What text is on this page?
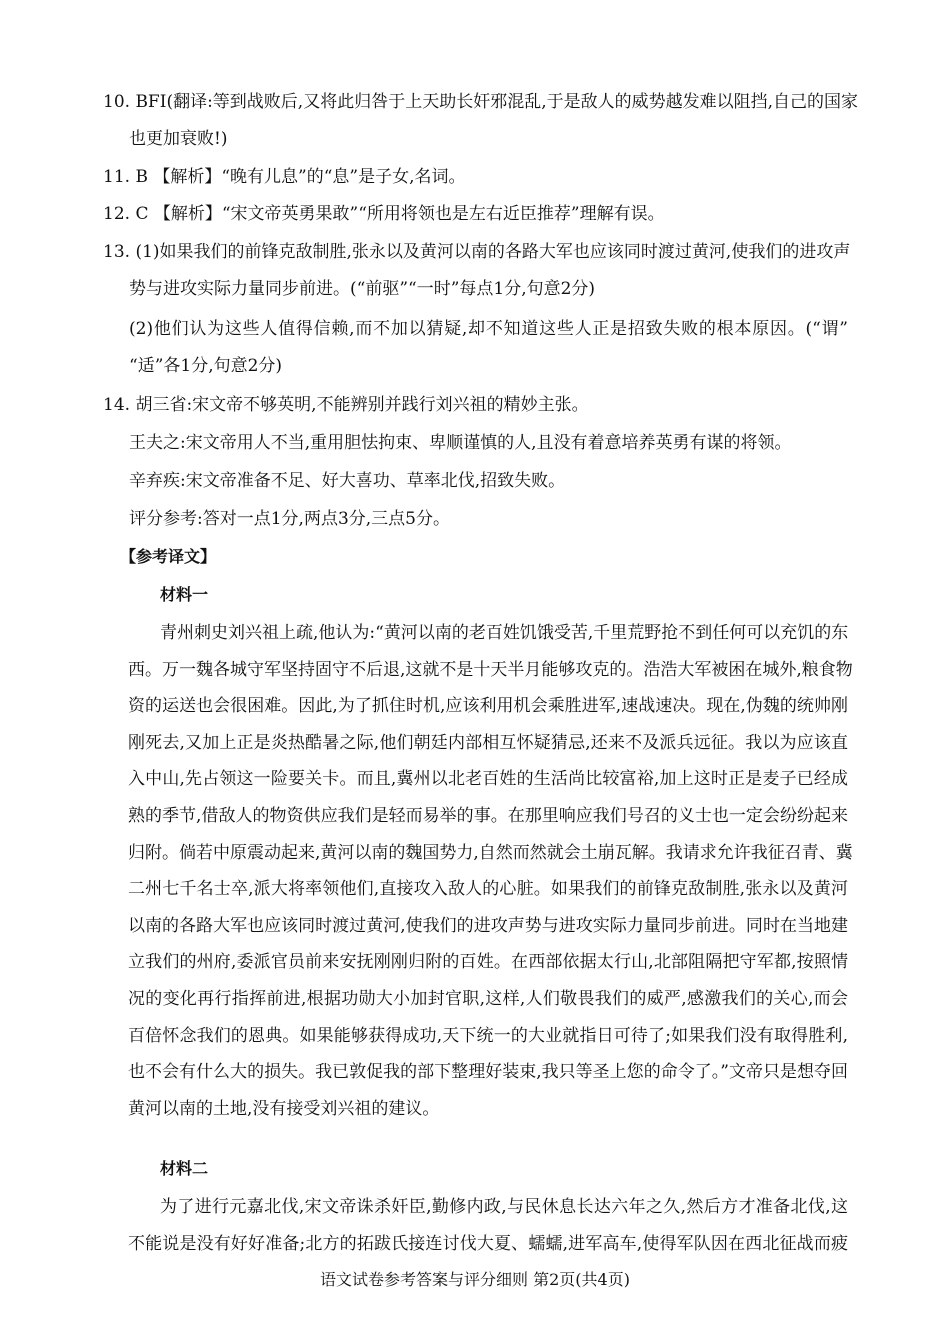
10. BFI(翻译:等到战败后,又将此归咎于上天助长奸邪混乱,于是敌人的威势越发难以阻挡,自己的国家
也更加衰败!)
11. B 【解析】“晚有儿息”的“息”是子女,名词。
12. C 【解析】“宋文帝英勇果敢”“所用将领也是左右近臣推荐”理解有误。
13. (1)如果我们的前锋克敌制胜,张永以及黄河以南的各路大军也应该同时渡过黄河,使我们的进攻声
势与进攻实际力量同步前进。(“前驱”“一时”每点1分,句意2分)
(2)他们认为这些人值得信赖,而不加以猜疑,却不知道这些人正是招致失败的根本原因。(“谓”
“适”各1分,句意2分)
14. 胡三省:宋文帝不够英明,不能辨别并践行刘兴祖的精妙主张。
王夫之:宋文帝用人不当,重用胆怯拘束、卑顺谨慎的人,且没有着意培养英勇有谋的将领。
辛弃疾:宋文帝准备不足、好大喜功、草率北伐,招致失败。
评分参考:答对一点1分,两点3分,三点5分。
【参考译文】
材料一
青州刺史刘兴祖上疏,他认为:“黄河以南的老百姓饥饿受苦,千里荒野抢不到任何可以充饥的东
西。万一魏各城守军坚持固守不后退,这就不是十天半月能够攻克的。浩浩大军被困在城外,粮食物
资的运送也会很困难。因此,为了抓住时机,应该利用机会乘胜进军,速战速决。现在,伪魏的统帅刚
刚死去,又加上正是炎热酷暑之际,他们朝廷内部相互怀疑猜忌,还来不及派兵远征。我以为应该直
入中山,先占领这一险要关卡。而且,冀州以北老百姓的生活尚比较富裕,加上这时正是麦子已经成
熟的季节,借敌人的物资供应我们是轻而易举的事。在那里响应我们号召的义士也一定会纷纷起来
归附。倘若中原震动起来,黄河以南的魏国势力,自然而然就会土崩瓦解。我请求允许我征召青、冀
二州七千名士卒,派大将率领他们,直接攻入敌人的心脏。如果我们的前锋克敌制胜,张永以及黄河
以南的各路大军也应该同时渡过黄河,使我们的进攻声势与进攻实际力量同步前进。同时在当地建
立我们的州府,委派官员前来安抚刚刚归附的百姓。在西部依据太行山,北部阻隔把守军都,按照情
况的变化再行指挥前进,根据功勋大小加封官职,这样,人们敬畏我们的威严,感激我们的关心,而会
百倍怀念我们的恩典。如果能够获得成功,天下统一的大业就指日可待了;如果我们没有取得胜利,
也不会有什么大的损失。我已敦促我的部下整理好装束,我只等圣上您的命令了。”文帝只是想夺回
黄河以南的土地,没有接受刘兴祖的建议。
材料二
为了进行元嘉北伐,宋文帝诛杀奸臣,勤修内政,与民休息长达六年之久,然后方才准备北伐,这
不能说是没有好好准备;北方的拓跋氏接连讨伐大夏、蠕蠕,进军高车,使得军队因在西北征战而疲
语文试卷参考答案与评分细则 第2页(共4页)
